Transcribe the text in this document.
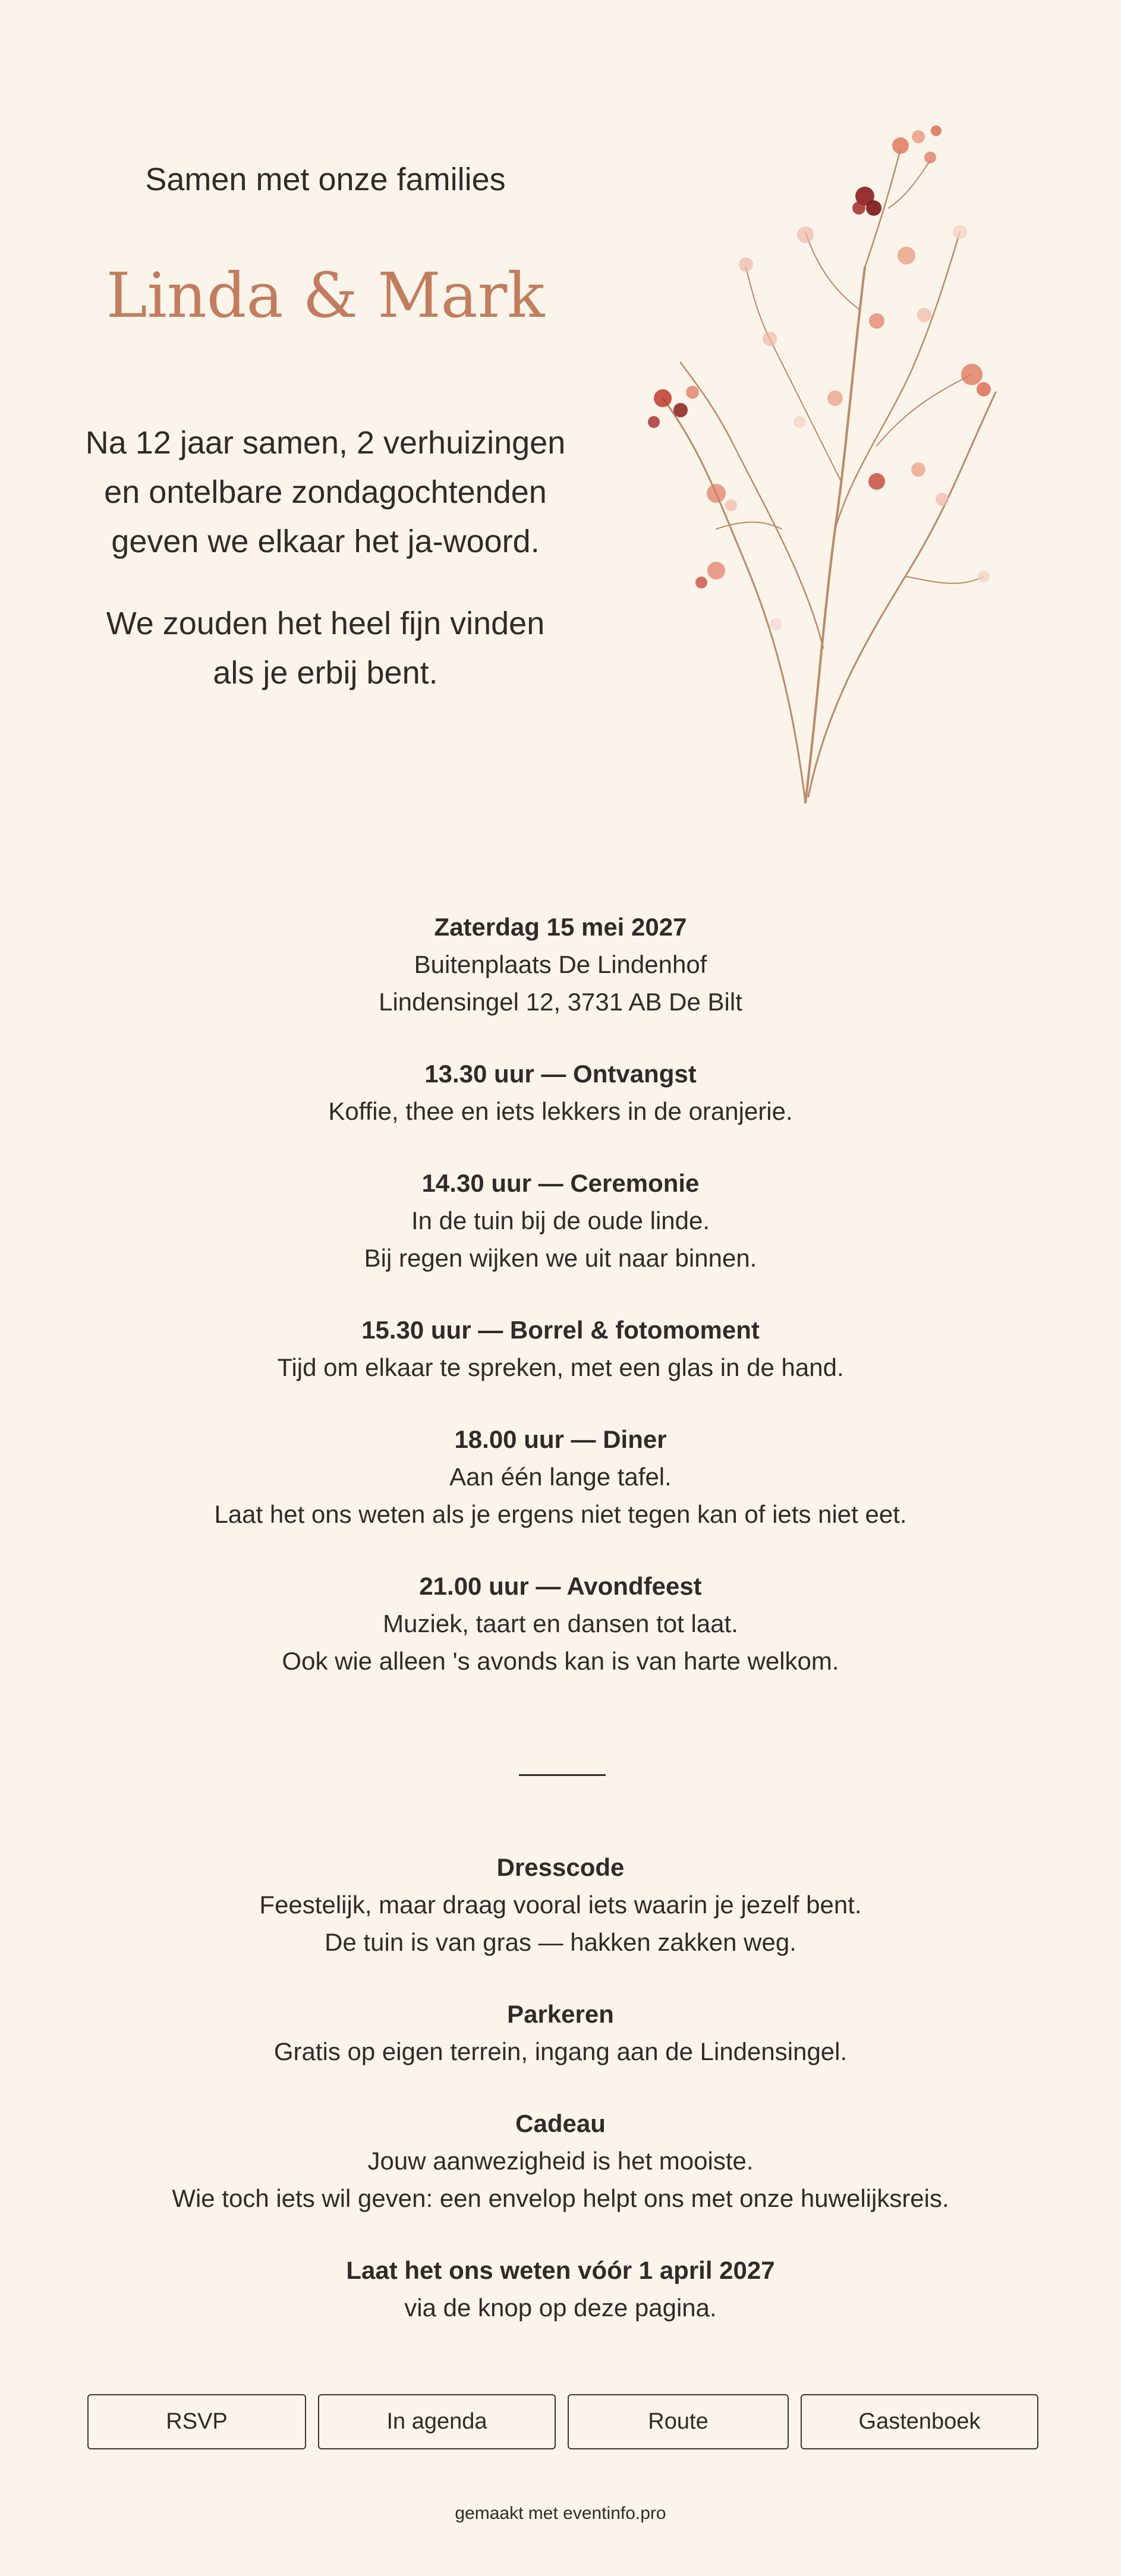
Samen met onze families

Linda & Mark

Na 12 jaar samen, 2 verhuizingen
en ontelbare zondagochtenden
geven we elkaar het ja-woord.

We zouden het heel fijn vinden
als je erbij bent.

Zaterdag 15 mei 2027

Buitenplaats De Lindenhof

Lindensingel 12, 3731 AB De Bilt

13.30 uur — Ontvangst

Koffie, thee en iets lekkers in de oranjerie.

14.30 uur — Ceremonie

In de tuin bij de oude linde.

Bij regen wijken we uit naar binnen.

15.30 uur — Borrel & fotomoment

Tijd om elkaar te spreken, met een glas in de hand.

18.00 uur — Diner

Aan één lange tafel.

Laat het ons weten als je ergens niet tegen kan of iets niet eet.

21.00 uur — Avondfeest

Muziek, taart en dansen tot laat.

Ook wie alleen 's avonds kan is van harte welkom.

Dresscode

Feestelijk, maar draag vooral iets waarin je jezelf bent.

De tuin is van gras — hakken zakken weg.

Parkeren

Gratis op eigen terrein, ingang aan de Lindensingel.

Cadeau

Jouw aanwezigheid is het mooiste.

Wie toch iets wil geven: een envelop helpt ons met onze huwelijksreis.

Laat het ons weten vóór 1 april 2027

via de knop op deze pagina.

RSVP	In agenda	Route	Gastenboek
gemaakt met eventinfo.pro
